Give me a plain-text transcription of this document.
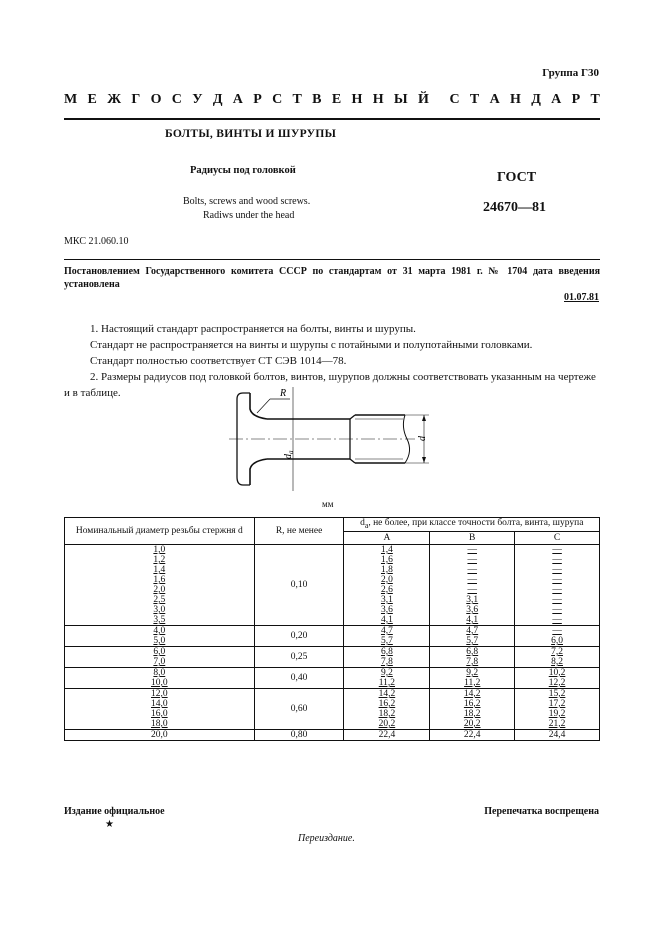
Группа Г30
М Е Ж Г О С У Д А Р С Т В Е Н Н Ы Й С Т А Н Д А Р Т
БОЛТЫ, ВИНТЫ И ШУРУПЫ
Радиусы под головкой
Bolts, screws and wood screws.
Radiws under the head
ГОСТ
24670—81
МКС 21.060.10
Постановлением Государственного комитета СССР по стандартам от 31 марта 1981 г. № 1704 дата введения установлена
01.07.81
1. Настоящий стандарт распространяется на болты, винты и шурупы.
Стандарт не распространяется на винты и шурупы с потайными и полупотайными головками.
Стандарт полностью соответствует СТ СЭВ 1014—78.
2. Размеры радиусов под головкой болтов, винтов, шурупов должны соответствовать указанным на чертеже и в таблице.	R
$d_a$
d
мм
Номинальный диаметр резьбы стержня d	R, не менее	$d_a$, не более, при классе точности болта, винта, шурупа		
		А	В	С
1,0	0,10	1,4	—	—
1,2		1,6	—	—
1,4		1,8	—	—
1,6		2,0	—	—
2,0		2,6	—	—
2,5		3,1	3,1	—
3,0		3,6	3,6	—
3,5		4,1	4,1	—
4,0	0,20	4,7	4,7	—
5,0		5,7	5,7	6,0
6,0	0,25	6,8	6,8	7,2
7,0		7,8	7,8	8,2
8,0	0,40	9,2	9,2	10,2
10,0		11,2	11,2	12,2
12,0	0,60	14,2	14,2	15,2
14,0		16,2	16,2	17,2
16,0		18,2	18,2	19,2
18,0		20,2	20,2	21,2
20,0	0,80	22,4	22,4	24,4
Издание официальное
★
Перепечатка воспрещена
Переиздание.
